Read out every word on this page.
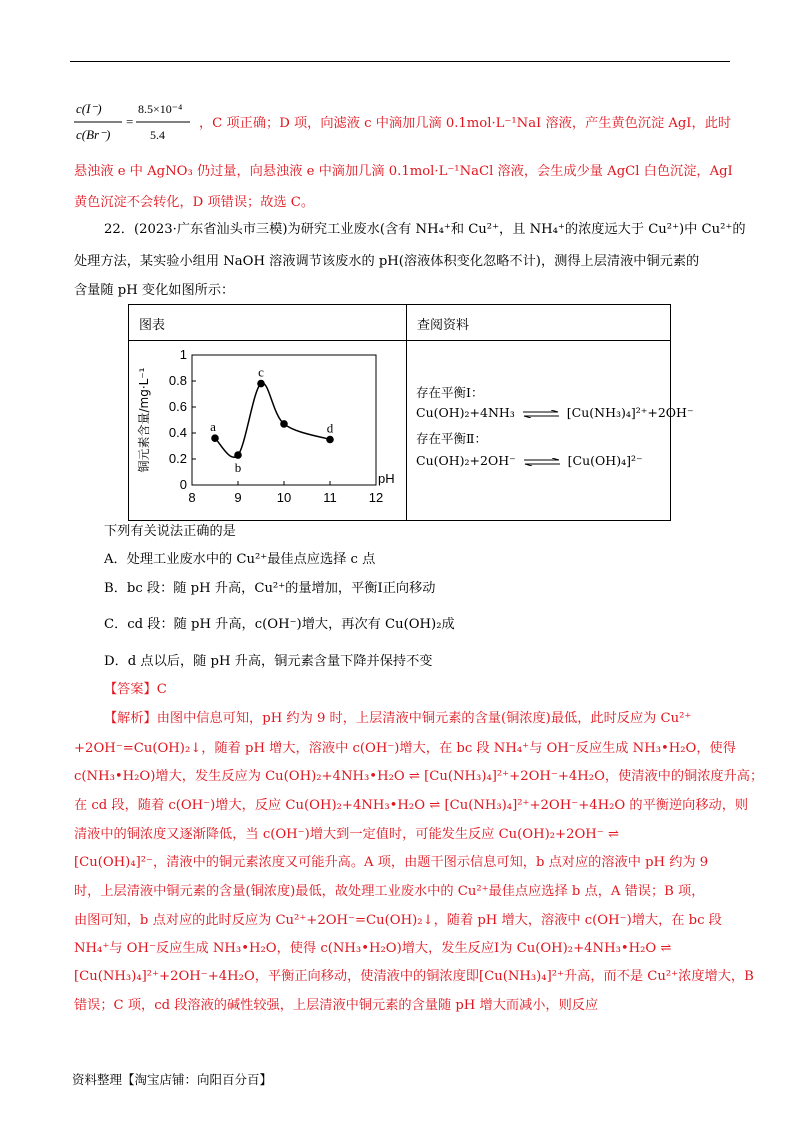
c(I⁻)
c(Br⁻)
=
8.5×10⁻⁴
5.4
，C 项正确；D 项，向滤液 c 中滴加几滴 0.1mol·L⁻¹NaI 溶液，产生黄色沉淀 AgI，此时
悬浊液 e 中 AgNO₃ 仍过量，向悬浊液 e 中滴加几滴 0.1mol·L⁻¹NaCl 溶液，会生成少量 AgCl 白色沉淀，AgI
黄色沉淀不会转化，D 项错误；故选 C。
22．(2023·广东省汕头市三模)为研究工业废水(含有 NH₄⁺和 Cu²⁺，且 NH₄⁺的浓度远大于 Cu²⁺)中 Cu²⁺的
处理方法，某实验小组用 NaOH 溶液调节该废水的 pH(溶液体积变化忽略不计)，测得上层清液中铜元素的
含量随 pH 变化如图所示：
图表	查阅资料
8	9	10 11 12
0
0.2
0.4
0.6
0.8
1
pH
铜元素含量/mg·L⁻¹	a
b
c
d
存在平衡Ⅰ：
Cu(OH)₂+4NH₃ ⇌ [Cu(NH₃)₄]²⁺+2OH⁻
存在平衡Ⅱ：
Cu(OH)₂+2OH⁻ ⇌ [Cu(OH)₄]²⁻
下列有关说法正确的是
A．处理工业废水中的 Cu²⁺最佳点应选择 c 点
B．bc 段：随 pH 升高，Cu²⁺的量增加，平衡Ⅰ正向移动
C．cd 段：随 pH 升高，c(OH⁻)增大，再次有 Cu(OH)₂成
D．d 点以后，随 pH 升高，铜元素含量下降并保持不变
【答案】C
【解析】由图中信息可知，pH 约为 9 时，上层清液中铜元素的含量(铜浓度)最低，此时反应为 Cu²⁺
+2OH⁻=Cu(OH)₂↓，随着 pH 增大，溶液中 c(OH⁻)增大，在 bc 段 NH₄⁺与 OH⁻反应生成 NH₃•H₂O，使得
c(NH₃•H₂O)增大，发生反应为 Cu(OH)₂+4NH₃•H₂O ⇌ [Cu(NH₃)₄]²⁺+2OH⁻+4H₂O，使清液中的铜浓度升高；
在 cd 段，随着 c(OH⁻)增大，反应 Cu(OH)₂+4NH₃•H₂O ⇌ [Cu(NH₃)₄]²⁺+2OH⁻+4H₂O 的平衡逆向移动，则
清液中的铜浓度又逐渐降低，当 c(OH⁻)增大到一定值时，可能发生反应 Cu(OH)₂+2OH⁻ ⇌
[Cu(OH)₄]²⁻，清液中的铜元素浓度又可能升高。A 项，由题干图示信息可知，b 点对应的溶液中 pH 约为 9
时，上层清液中铜元素的含量(铜浓度)最低，故处理工业废水中的 Cu²⁺最佳点应选择 b 点，A 错误；B 项，
由图可知，b 点对应的此时反应为 Cu²⁺+2OH⁻=Cu(OH)₂↓，随着 pH 增大，溶液中 c(OH⁻)增大，在 bc 段
NH₄⁺与 OH⁻反应生成 NH₃•H₂O，使得 c(NH₃•H₂O)增大，发生反应Ⅰ为 Cu(OH)₂+4NH₃•H₂O ⇌
[Cu(NH₃)₄]²⁺+2OH⁻+4H₂O，平衡正向移动，使清液中的铜浓度即[Cu(NH₃)₄]²⁺升高，而不是 Cu²⁺浓度增大，B
错误；C 项，cd 段溶液的碱性较强，上层清液中铜元素的含量随 pH 增大而减小，则反应
资料整理【淘宝店铺：向阳百分百】
